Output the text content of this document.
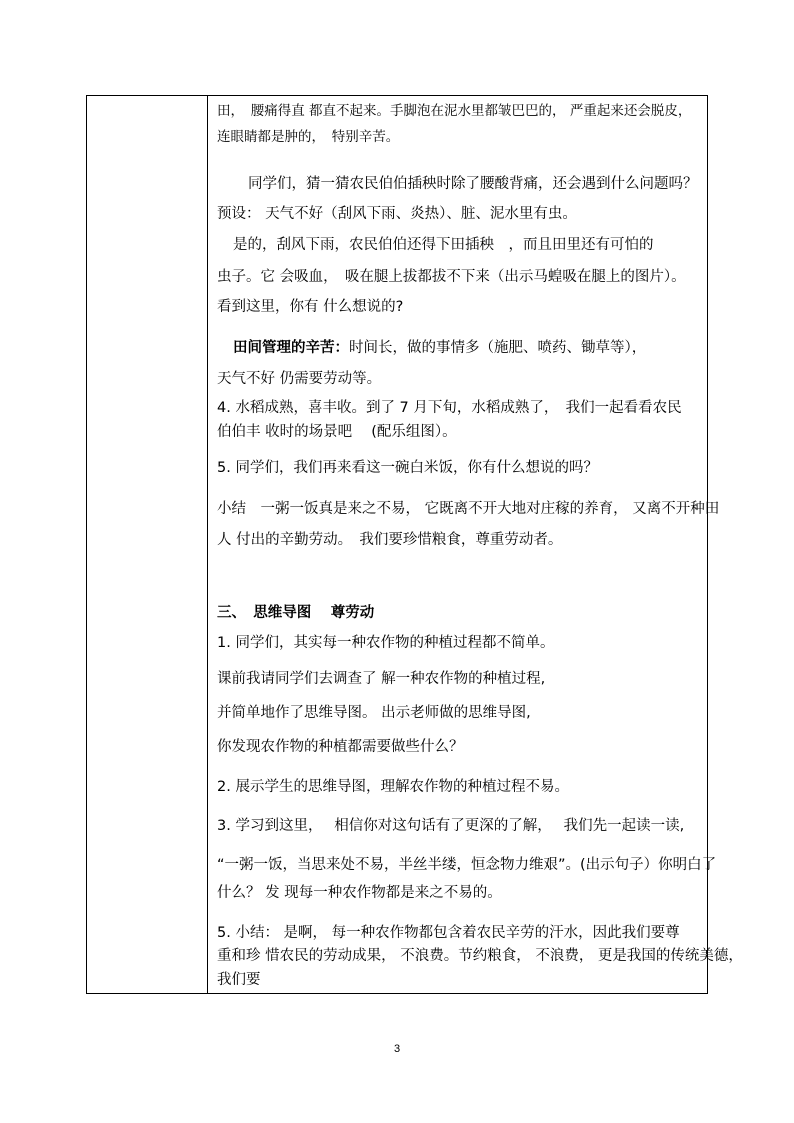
田，　腰痛得直 都直不起来。手脚泡在泥水里都皱巴巴的， 严重起来还会脱皮，
连眼睛都是肿的，　特别辛苦。
同学们，猜一猜农民伯伯插秧时除了腰酸背痛，还会遇到什么问题吗？
预设： 天气不好（刮风下雨、炎热）、脏、泥水里有虫。
是的，刮风下雨，农民伯伯还得下田插秧　，而且田里还有可怕的
虫子。它 会吸血，　吸在腿上拔都拔不下来（出示马蝗吸在腿上的图片）。
看到这里，你有 什么想说的?
田间管理的辛苦：时间长，做的事情多（施肥、喷药、锄草等），
天气不好 仍需要劳动等。
4. 水稻成熟，喜丰收。到了 7 月下旬，水稻成熟了，　我们一起看看农民
伯伯丰 收时的场景吧　 (配乐组图）。
5. 同学们，我们再来看这一碗白米饭，你有什么想说的吗？
小结　一粥一饭真是来之不易， 它既离不开大地对庄稼的养育， 又离不开种田
人 付出的辛勤劳动。　我们要珍惜粮食，尊重劳动者。
三、　思维导图　 尊劳动
1. 同学们，其实每一种农作物的种植过程都不简单。
课前我请同学们去调查了 解一种农作物的种植过程,
并简单地作了思维导图。 出示老师做的思维导图,
你发现农作物的种植都需要做些什么？
2. 展示学生的思维导图，理解农作物的种植过程不易。
3. 学习到这里，　 相信你对这句话有了更深的了解，　 我们先一起读一读,
“一粥一饭，当思来处不易，半丝半缕，恒念物力维艰”。(出示句子）你明白了
什么？ 发 现每一种农作物都是来之不易的。
5. 小结： 是啊， 每一种农作物都包含着农民辛劳的汗水，因此我们要尊
重和珍 惜农民的劳动成果， 不浪费。节约粮食， 不浪费， 更是我国的传统美德，
我们要
3
